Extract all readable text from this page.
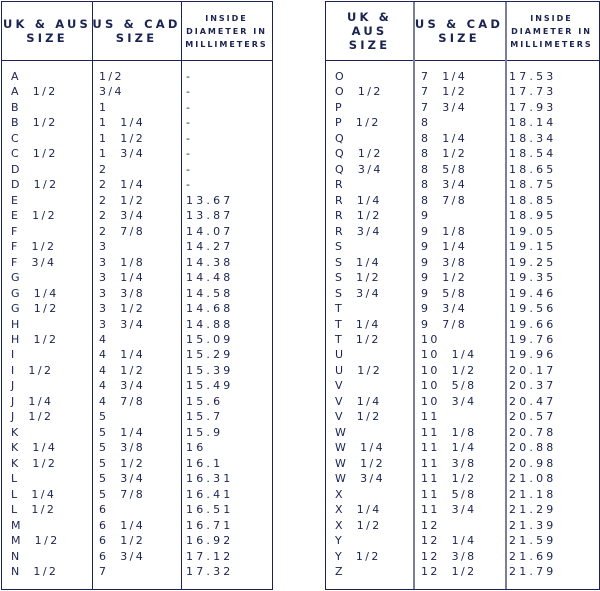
UK & AUS
SIZE
US & CAD
SIZE
INSIDE
DIAMETER IN
MILLIMETERS
A	1/2	-
A  1/2	3/4	-
B	1	-
B  1/2	1  1/4	-
C	1  1/2	-
C  1/2	1  3/4	-
D	2	-
D  1/2	2  1/4	-
E	2  1/2	13.67
E  1/2	2  3/4	13.87
F	2  7/8	14.07
F  1/2	3	14.27
F  3/4	3  1/8	14.38
G	3  1/4	14.48
G  1/4	3  3/8	14.58
G  1/2	3  1/2	14.68
H	3  3/4	14.88
H  1/2	4	15.09
I	4  1/4	15.29
I  1/2	4  1/2	15.39
J	4  3/4	15.49
J  1/4	4  7/8	15.6
J  1/2	5	15.7
K	5  1/4	15.9
K  1/4	5  3/8	16
K  1/2	5  1/2	16.1
L	5  3/4	16.31
L  1/4	5  7/8	16.41
L  1/2	6	16.51
M	6  1/4	16.71
M  1/2	6  1/2	16.92
N	6  3/4	17.12
N  1/2	7	17.32
UK & AUS
SIZE
US & CAD
SIZE
INSIDE
DIAMETER IN
MILLIMETERS
O	7  1/4	17.53
O  1/2	7  1/2	17.73
P	7  3/4	17.93
P  1/2	8	18.14
Q	8  1/4	18.34
Q  1/2	8  1/2	18.54
Q  3/4	8  5/8	18.65
R	8  3/4	18.75
R  1/4	8  7/8	18.85
R  1/2	9	18.95
R  3/4	9  1/8	19.05
S	9  1/4	19.15
S  1/4	9  3/8	19.25
S  1/2	9  1/2	19.35
S  3/4	9  5/8	19.46
T	9  3/4	19.56
T  1/4	9  7/8	19.66
T  1/2	10	19.76
U	10  1/4	19.96
U  1/2	10  1/2	20.17
V	10  5/8	20.37
V  1/4	10  3/4	20.47
V  1/2	11	20.57
W	11  1/8	20.78
W  1/4	11  1/4	20.88
W  1/2	11  3/8	20.98
W  3/4	11  1/2	21.08
X	11  5/8	21.18
X  1/4	11  3/4	21.29
X  1/2	12	21.39
Y	12  1/4	21.59
Y  1/2	12  3/8	21.69
Z	12  1/2	21.79
